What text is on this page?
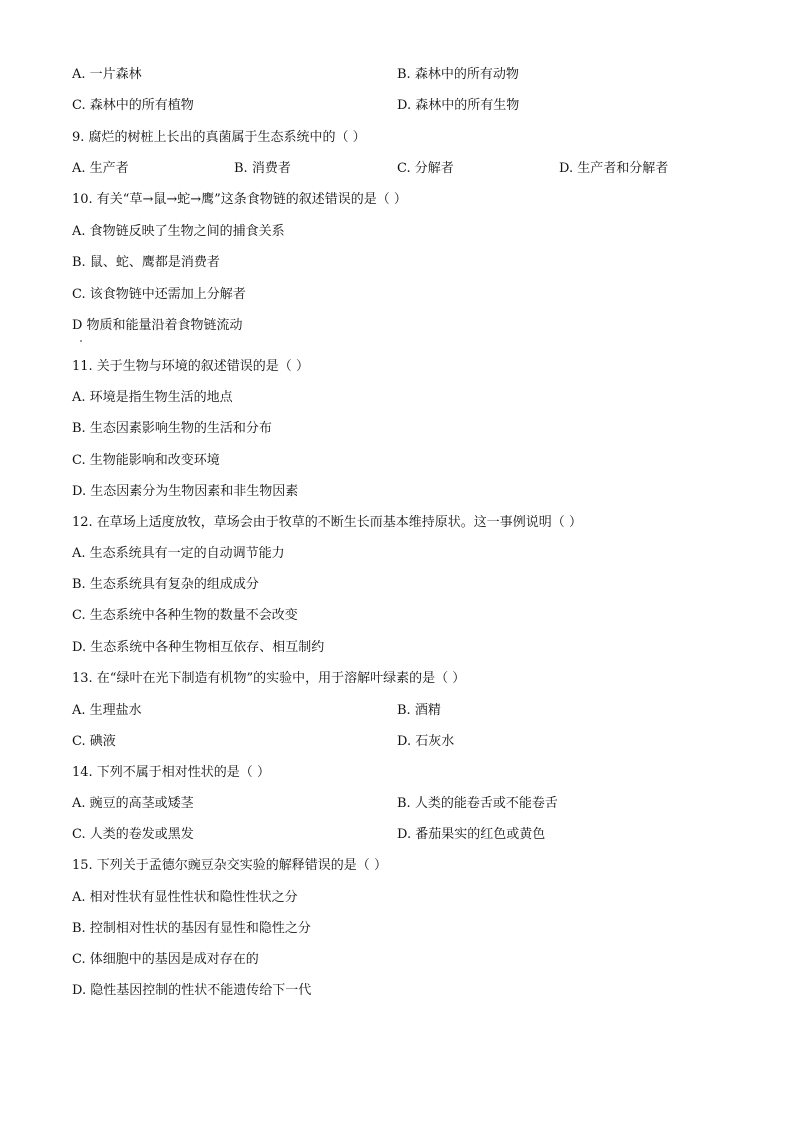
A. 一片森林	B. 森林中的所有动物
C. 森林中的所有植物	D. 森林中的所有生物
9. 腐烂的树桩上长出的真菌属于生态系统中的（ ）
A. 生产者	B. 消费者	C. 分解者	D. 生产者和分解者
10. 有关“草→鼠→蛇→鹰”这条食物链的叙述错误的是（ ）
A. 食物链反映了生物之间的捕食关系
B. 鼠、蛇、鹰都是消费者
C. 该食物链中还需加上分解者
D 物质和能量沿着食物链流动
11. 关于生物与环境的叙述错误的是（ ）
A. 环境是指生物生活的地点
B. 生态因素影响生物的生活和分布
C. 生物能影响和改变环境
D. 生态因素分为生物因素和非生物因素
12. 在草场上适度放牧，草场会由于牧草的不断生长而基本维持原状。这一事例说明（ ）
A. 生态系统具有一定的自动调节能力
B. 生态系统具有复杂的组成成分
C. 生态系统中各种生物的数量不会改变
D. 生态系统中各种生物相互依存、相互制约
13. 在“绿叶在光下制造有机物”的实验中，用于溶解叶绿素的是（ ）
A. 生理盐水	B. 酒精
C. 碘液	D. 石灰水
14. 下列不属于相对性状的是（ ）
A. 豌豆的高茎或矮茎	B. 人类的能卷舌或不能卷舌
C. 人类的卷发或黑发	D. 番茄果实的红色或黄色
15. 下列关于孟德尔豌豆杂交实验的解释错误的是（ ）
A. 相对性状有显性性状和隐性性状之分
B. 控制相对性状的基因有显性和隐性之分
C. 体细胞中的基因是成对存在的
D. 隐性基因控制的性状不能遗传给下一代
